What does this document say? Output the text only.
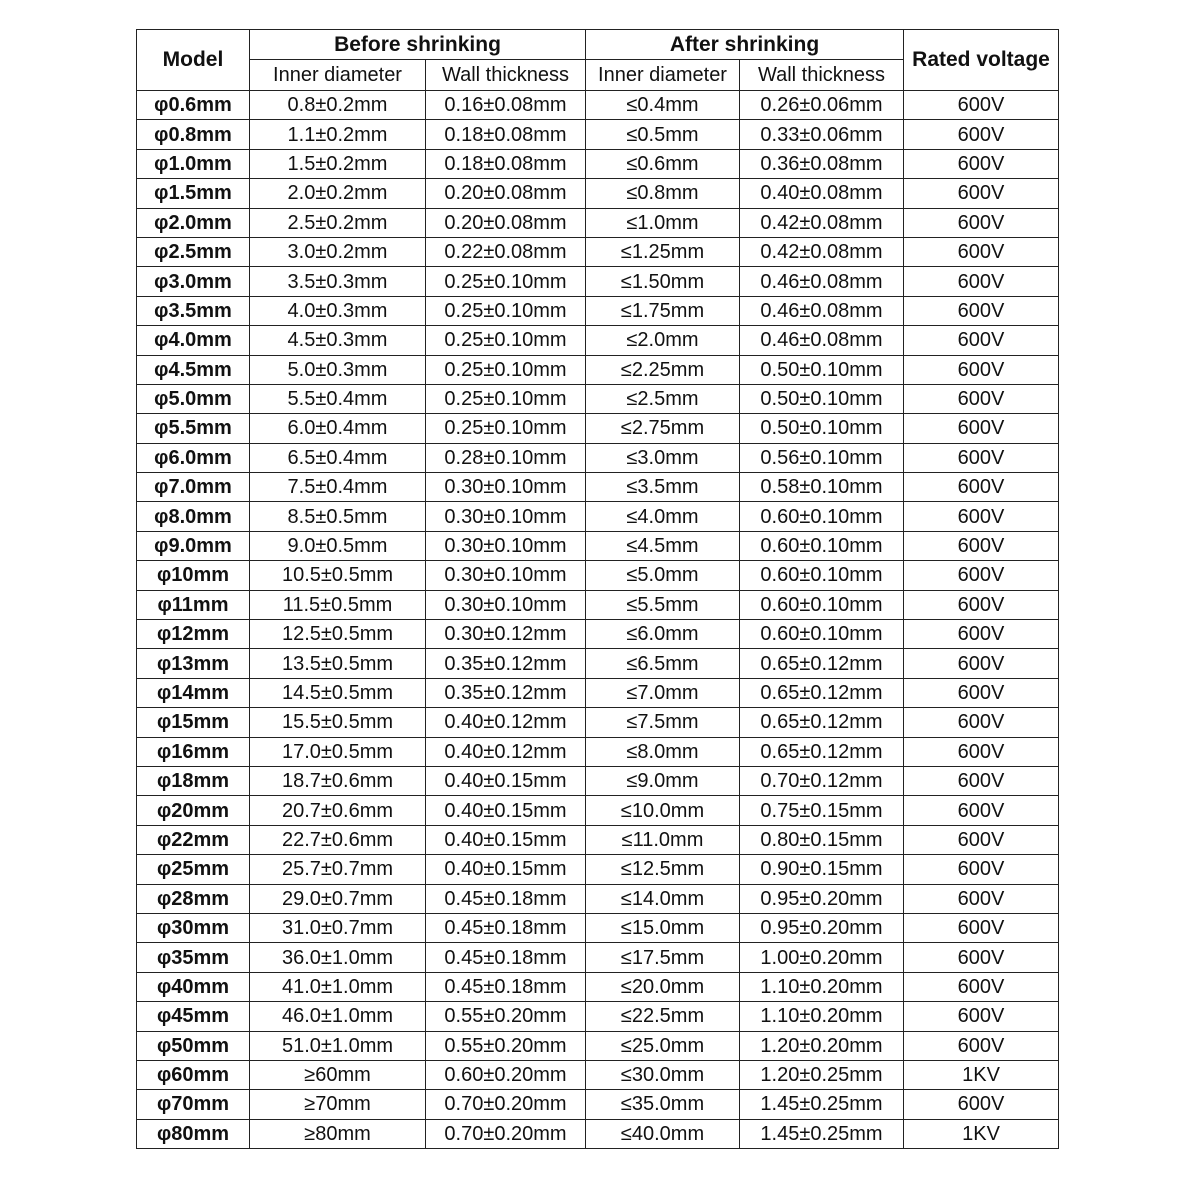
Model	Before shrinking		After shrinking		Rated voltage
	Inner diameter	Wall thickness	Inner diameter	Wall thickness	
φ0.6mm	0.8±0.2mm	0.16±0.08mm	≤0.4mm	0.26±0.06mm	600V
φ0.8mm	1.1±0.2mm	0.18±0.08mm	≤0.5mm	0.33±0.06mm	600V
φ1.0mm	1.5±0.2mm	0.18±0.08mm	≤0.6mm	0.36±0.08mm	600V
φ1.5mm	2.0±0.2mm	0.20±0.08mm	≤0.8mm	0.40±0.08mm	600V
φ2.0mm	2.5±0.2mm	0.20±0.08mm	≤1.0mm	0.42±0.08mm	600V
φ2.5mm	3.0±0.2mm	0.22±0.08mm	≤1.25mm	0.42±0.08mm	600V
φ3.0mm	3.5±0.3mm	0.25±0.10mm	≤1.50mm	0.46±0.08mm	600V
φ3.5mm	4.0±0.3mm	0.25±0.10mm	≤1.75mm	0.46±0.08mm	600V
φ4.0mm	4.5±0.3mm	0.25±0.10mm	≤2.0mm	0.46±0.08mm	600V
φ4.5mm	5.0±0.3mm	0.25±0.10mm	≤2.25mm	0.50±0.10mm	600V
φ5.0mm	5.5±0.4mm	0.25±0.10mm	≤2.5mm	0.50±0.10mm	600V
φ5.5mm	6.0±0.4mm	0.25±0.10mm	≤2.75mm	0.50±0.10mm	600V
φ6.0mm	6.5±0.4mm	0.28±0.10mm	≤3.0mm	0.56±0.10mm	600V
φ7.0mm	7.5±0.4mm	0.30±0.10mm	≤3.5mm	0.58±0.10mm	600V
φ8.0mm	8.5±0.5mm	0.30±0.10mm	≤4.0mm	0.60±0.10mm	600V
φ9.0mm	9.0±0.5mm	0.30±0.10mm	≤4.5mm	0.60±0.10mm	600V
φ10mm	10.5±0.5mm	0.30±0.10mm	≤5.0mm	0.60±0.10mm	600V
φ11mm	11.5±0.5mm	0.30±0.10mm	≤5.5mm	0.60±0.10mm	600V
φ12mm	12.5±0.5mm	0.30±0.12mm	≤6.0mm	0.60±0.10mm	600V
φ13mm	13.5±0.5mm	0.35±0.12mm	≤6.5mm	0.65±0.12mm	600V
φ14mm	14.5±0.5mm	0.35±0.12mm	≤7.0mm	0.65±0.12mm	600V
φ15mm	15.5±0.5mm	0.40±0.12mm	≤7.5mm	0.65±0.12mm	600V
φ16mm	17.0±0.5mm	0.40±0.12mm	≤8.0mm	0.65±0.12mm	600V
φ18mm	18.7±0.6mm	0.40±0.15mm	≤9.0mm	0.70±0.12mm	600V
φ20mm	20.7±0.6mm	0.40±0.15mm	≤10.0mm	0.75±0.15mm	600V
φ22mm	22.7±0.6mm	0.40±0.15mm	≤11.0mm	0.80±0.15mm	600V
φ25mm	25.7±0.7mm	0.40±0.15mm	≤12.5mm	0.90±0.15mm	600V
φ28mm	29.0±0.7mm	0.45±0.18mm	≤14.0mm	0.95±0.20mm	600V
φ30mm	31.0±0.7mm	0.45±0.18mm	≤15.0mm	0.95±0.20mm	600V
φ35mm	36.0±1.0mm	0.45±0.18mm	≤17.5mm	1.00±0.20mm	600V
φ40mm	41.0±1.0mm	0.45±0.18mm	≤20.0mm	1.10±0.20mm	600V
φ45mm	46.0±1.0mm	0.55±0.20mm	≤22.5mm	1.10±0.20mm	600V
φ50mm	51.0±1.0mm	0.55±0.20mm	≤25.0mm	1.20±0.20mm	600V
φ60mm	≥60mm	0.60±0.20mm	≤30.0mm	1.20±0.25mm	1KV
φ70mm	≥70mm	0.70±0.20mm	≤35.0mm	1.45±0.25mm	600V
φ80mm	≥80mm	0.70±0.20mm	≤40.0mm	1.45±0.25mm	1KV
